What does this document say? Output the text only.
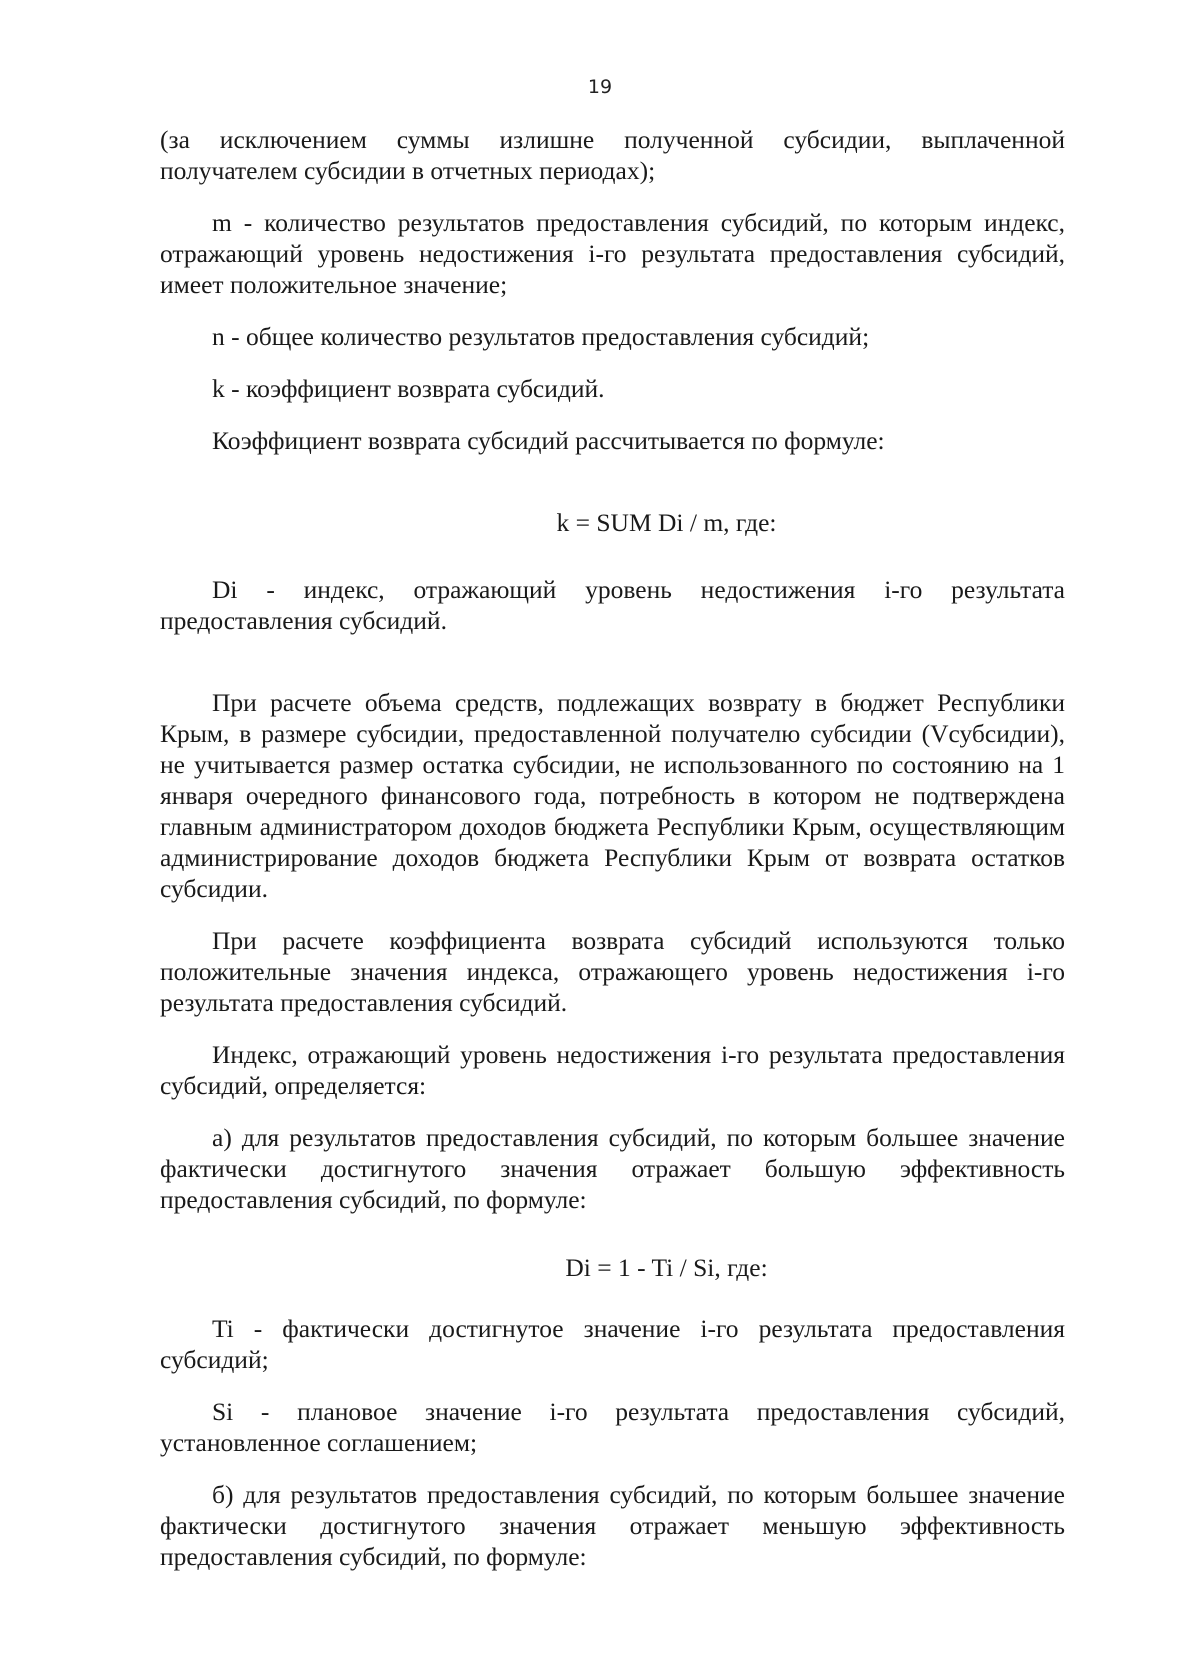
19

(за исключением суммы излишне полученной субсидии, выплаченной получателем субсидии в отчетных периодах);

m - количество результатов предоставления субсидий, по которым индекс, отражающий уровень недостижения i-го результата предоставления субсидий, имеет положительное значение;

n - общее количество результатов предоставления субсидий;

k - коэффициент возврата субсидий.

Коэффициент возврата субсидий рассчитывается по формуле:

k = SUM Di / m, где:

Di - индекс, отражающий уровень недостижения i-го результата предоставления субсидий.

При расчете объема средств, подлежащих возврату в бюджет Республики Крым, в размере субсидии, предоставленной получателю субсидии (Vсубсидии), не учитывается размер остатка субсидии, не использованного по состоянию на 1 января очередного финансового года, потребность в котором не подтверждена главным администратором доходов бюджета Республики Крым, осуществляющим администрирование доходов бюджета Республики Крым от возврата остатков субсидии.

При расчете коэффициента возврата субсидий используются только положительные значения индекса, отражающего уровень недостижения i-го результата предоставления субсидий.

Индекс, отражающий уровень недостижения i-го результата предоставления субсидий, определяется:

а) для результатов предоставления субсидий, по которым большее значение фактически достигнутого значения отражает большую эффективность предоставления субсидий, по формуле:

Di = 1 - Ti / Si, где:

Ti - фактически достигнутое значение i-го результата предоставления субсидий;

Si - плановое значение i-го результата предоставления субсидий, установленное соглашением;

б) для результатов предоставления субсидий, по которым большее значение фактически достигнутого значения отражает меньшую эффективность предоставления субсидий, по формуле:
